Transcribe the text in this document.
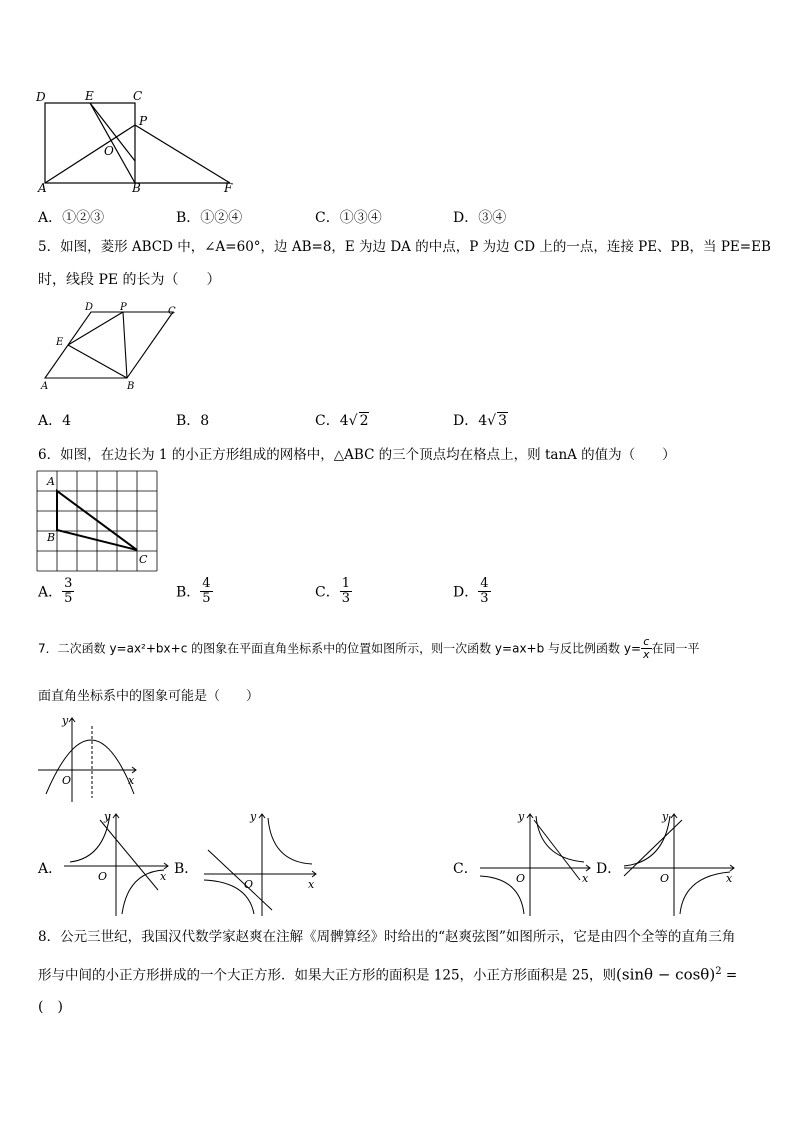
D	E	C
P
O
A	B	F
A．①②③	B．①②④	C．①③④	D．③④
5．如图，菱形 ABCD 中，∠A=60°，边 AB=8，E 为边 DA 的中点，P 为边 CD 上的一点，连接 PE、PB，当 PE=EB
时，线段 PE 的长为（　　）
D	P	C
E
A	B
A．4	B．8	C．4√ 2	D．4√ 3
6．如图，在边长为 1 的小正方形组成的网格中，△ABC 的三个顶点均在格点上，则 tanA 的值为（　　）
A
B
C
A． $\frac{3}{5}$	B． $\frac{4}{5}$	C． $\frac{1}{3}$	D． $\frac{4}{3}$
7．二次函数 y=ax²+bx+c 的图象在平面直角坐标系中的位置如图所示，则一次函数 y=ax+b 与反比例函数 $y= \frac{c}{x}$ 在同一平
面直角坐标系中的图象可能是（　　）
y
x
O
A．
y
x
O	B．
y
x
O
C．
y
x
O
D．
y
x
O
8．公元三世纪，我国汉代数学家赵爽在注解《周髀算经》时给出的“赵爽弦图”如图所示，它是由四个全等的直角三角
形与中间的小正方形拼成的一个大正方形．如果大正方形的面积是 125，小正方形面积是 25，则$(\sin\theta - \cos\theta)^2$ =
(　)
